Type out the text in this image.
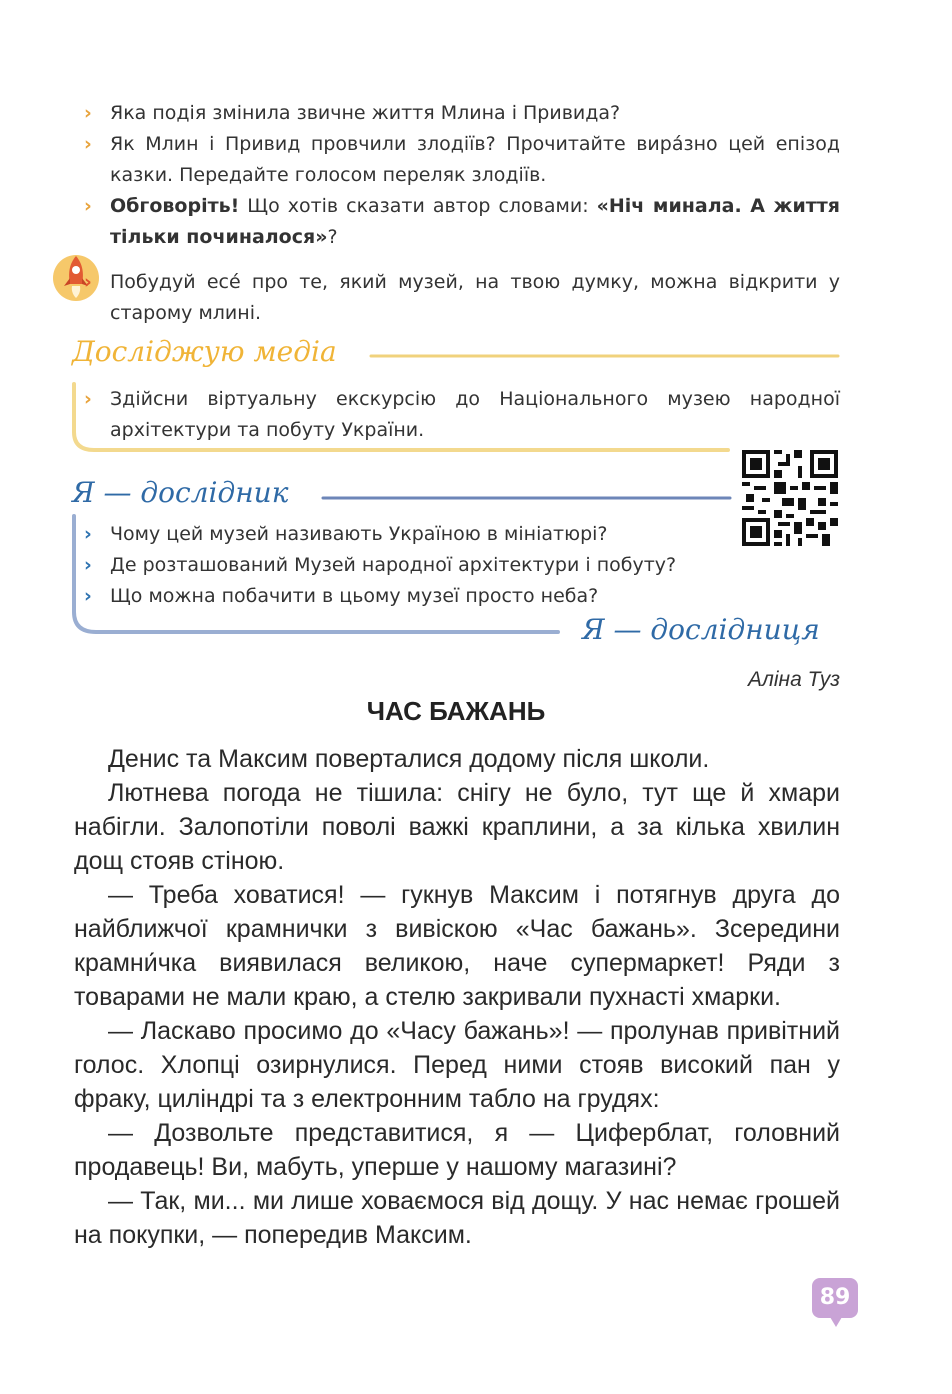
› Яка подія змінила звичне життя Млина і Привида?
› Як Млин і Привид провчили злодіїв? Прочитайте вира́зно цей епізод казки. Передайте голосом переляк злодіїв.
› Обговоріть! Що хотів сказати автор словами: «Ніч минала. А життя тільки починалося»?
› Побудуй есе́ про те, який музей, на твою думку, можна відкрити у старому млині.
Досліджую медіа
› Здійсни віртуальну екскурсію до Національного музею народної архітектури та побуту України.
Я — дослідник
› Чому цей музей називають Україною в мініатюрі?
› Де розташований Музей народної архітектури і побуту?
› Що можна побачити в цьому музеї просто неба?
Я — дослідниця
Аліна Туз
ЧАС БАЖАНЬ

Денис та Максим поверталися додому після школи.

Лютнева погода не тішила: снігу не було, тут ще й хмари набігли. Залопотіли поволі важкі краплини, а за кілька хвилин дощ стояв стіною.

— Треба ховатися! — гукнув Максим і потягнув друга до найближчої крамнички з вивіскою «Час бажань». Зсередини крамни́чка виявилася великою, наче супермаркет! Ряди з товарами не мали краю, а стелю закривали пухнасті хмарки.

— Ласкаво просимо до «Часу бажань»! — пролунав привітний голос. Хлопці озирнулися. Перед ними стояв високий пан у фраку, циліндрі та з електронним табло на грудях:

— Дозвольте представитися, я — Циферблат, головний продавець! Ви, мабуть, уперше у нашому магазині?

— Так, ми... ми лише ховаємося від дощу. У нас немає грошей на покупки, — попередив Максим.

89
